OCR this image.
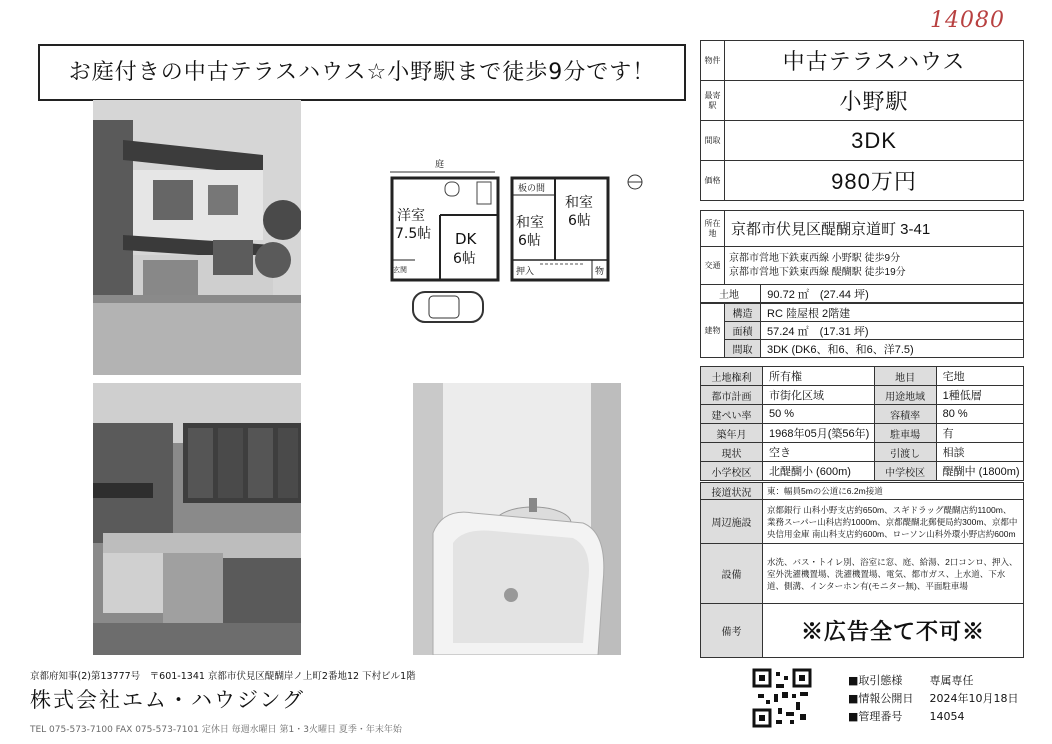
14080
お庭付きの中古テラスハウス☆小野駅まで徒歩9分です！
庭
洋室
7.5帖 DK
6帖
玄関
板の間
和室
6帖
和室
6帖
押入	物
物件	中古テラスハウス
最寄駅	小野駅
間取	3DK
価格	980万円
所在地	京都市伏見区醍醐京道町 3-41	
交通	京都市営地下鉄東西線 小野駅 徒歩9分
京都市営地下鉄東西線 醍醐駅 徒歩19分	

土地		90.72 ㎡　(27.44 坪)
建物	構造	RC 陸屋根 2階建
	面積	57.24 ㎡　(17.31 坪)
	間取	3DK (DK6、和6、和6、洋7.5)
土地権利	所有権	地目	宅地
都市計画	市街化区域	用途地域	1種低層
建ぺい率	50 %	容積率	80 %
築年月	1968年05月(築56年)	駐車場	有
現状	空き	引渡し	相談
小学校区	北醍醐小 (600m)	中学校区	醍醐中 (1800m)
接道状況	東：幅員5mの公道に6.2m接道
周辺施設	京都銀行 山科小野支店約650m、スギドラッグ醍醐店約1100m、業務スーパー山科店約1000m、京都醍醐北郵便局約300m、京都中央信用金庫 南山科支店約600m、ローソン山科外環小野店約600m
設備	水洗、バス・トイレ別、浴室に窓、庭、給湯、2口コンロ、押入、室外洗濯機置場、洗濯機置場、電気、都市ガス、上水道、下水道、側溝、インターホン有(モニター無)、平面駐車場
備考	※広告全て不可※
京都府知事(2)第13777号　〒601-1341 京都市伏見区醍醐岸ノ上町2番地12 下村ビル1階
株式会社エム・ハウジング
TEL 075-573-7100 FAX 075-573-7101 定休日 毎週水曜日 第1・3火曜日 夏季・年末年始
■取引態様 専属専任
■情報公開日 2024年10月18日
■管理番号 14054
